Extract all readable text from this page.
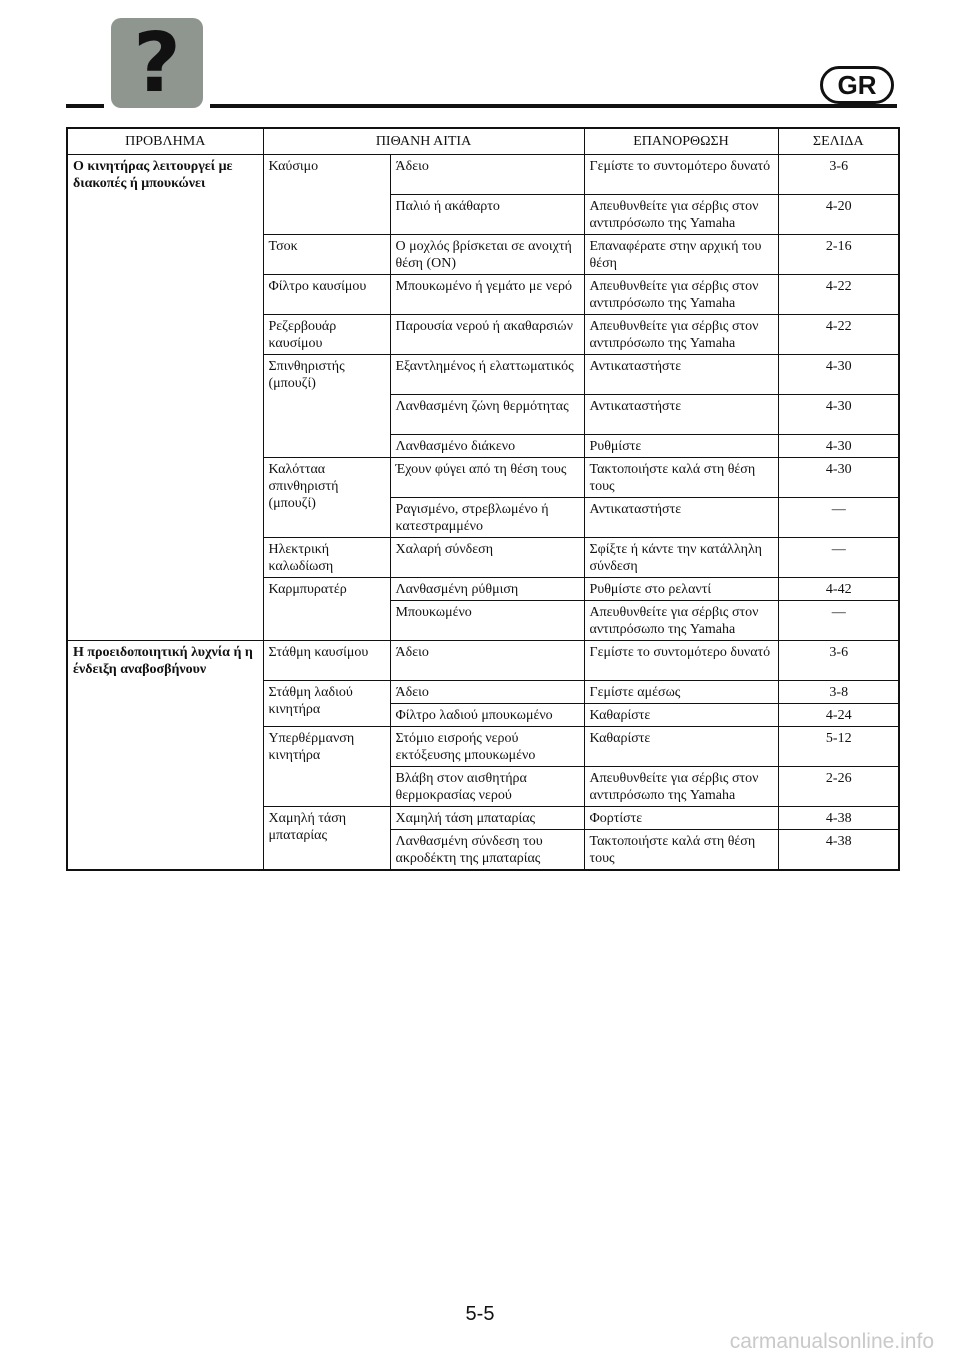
?	GR
ΠΡΟΒΛΗΜΑ	ΠΙΘΑΝΗ ΑΙΤΙΑ		ΕΠΑΝΟΡΘΩΣΗ	ΣΕΛΙΔΑ
Ο κινητήρας λειτουργεί με διακοπές ή μπουκώνει	Καύσιμο	Άδειο	Γεμίστε το συντομότερο δυνατό	3-6
		Παλιό ή ακάθαρτο	Απευθυνθείτε για σέρβις στον αντιπρόσωπο της Yamaha	4-20
	Τσοκ	Ο μοχλός βρίσκεται σε ανοιχτή θέση (ON)	Επαναφέρατε στην αρχική του θέση	2-16
	Φίλτρο καυσίμου	Μπουκωμένο ή γεμάτο με νερό	Απευθυνθείτε για σέρβις στον αντιπρόσωπο της Yamaha	4-22
	Ρεζερβουάρ καυσίμου	Παρουσία νερού ή ακαθαρσιών	Απευθυνθείτε για σέρβις στον αντιπρόσωπο της Yamaha	4-22
	Σπινθηριστής (μπουζί)	Εξαντλημένος ή ελαττωματικός	Αντικαταστήστε	4-30
		Λανθασμένη ζώνη θερμότητας	Αντικαταστήστε	4-30
		Λανθασμένο διάκενο	Ρυθμίστε	4-30
	Καλότταα σπινθηριστή (μπουζί)	Έχουν φύγει από τη θέση τους	Τακτοποιήστε καλά στη θέση τους	4-30
		Ραγισμένο, στρεβλωμένο ή κατεστραμμένο	Αντικαταστήστε	—
	Ηλεκτρική καλωδίωση	Χαλαρή σύνδεση	Σφίξτε ή κάντε την κατάλληλη σύνδεση	—
	Καρμπυρατέρ	Λανθασμένη ρύθμιση	Ρυθμίστε στο ρελαντί	4-42
		Μπουκωμένο	Απευθυνθείτε για σέρβις στον αντιπρόσωπο της Yamaha	—
Η προειδοποιητική λυχνία ή η ένδειξη αναβοσβήνουν	Στάθμη καυσίμου	Άδειο	Γεμίστε το συντομότερο δυνατό	3-6
	Στάθμη λαδιού κινητήρα	Άδειο	Γεμίστε αμέσως	3-8
		Φίλτρο λαδιού μπουκωμένο	Καθαρίστε	4-24
	Υπερθέρμανση κινητήρα	Στόμιο εισροής νερού εκτόξευσης μπουκωμένο	Καθαρίστε	5-12
		Βλάβη στον αισθητήρα θερμοκρασίας νερού	Απευθυνθείτε για σέρβις στον αντιπρόσωπο της Yamaha	2-26
	Χαμηλή τάση μπαταρίας	Χαμηλή τάση μπαταρίας	Φορτίστε	4-38
		Λανθασμένη σύνδεση του ακροδέκτη της μπαταρίας	Τακτοποιήστε καλά στη θέση τους	4-38
5-5
carmanualsonline.info
